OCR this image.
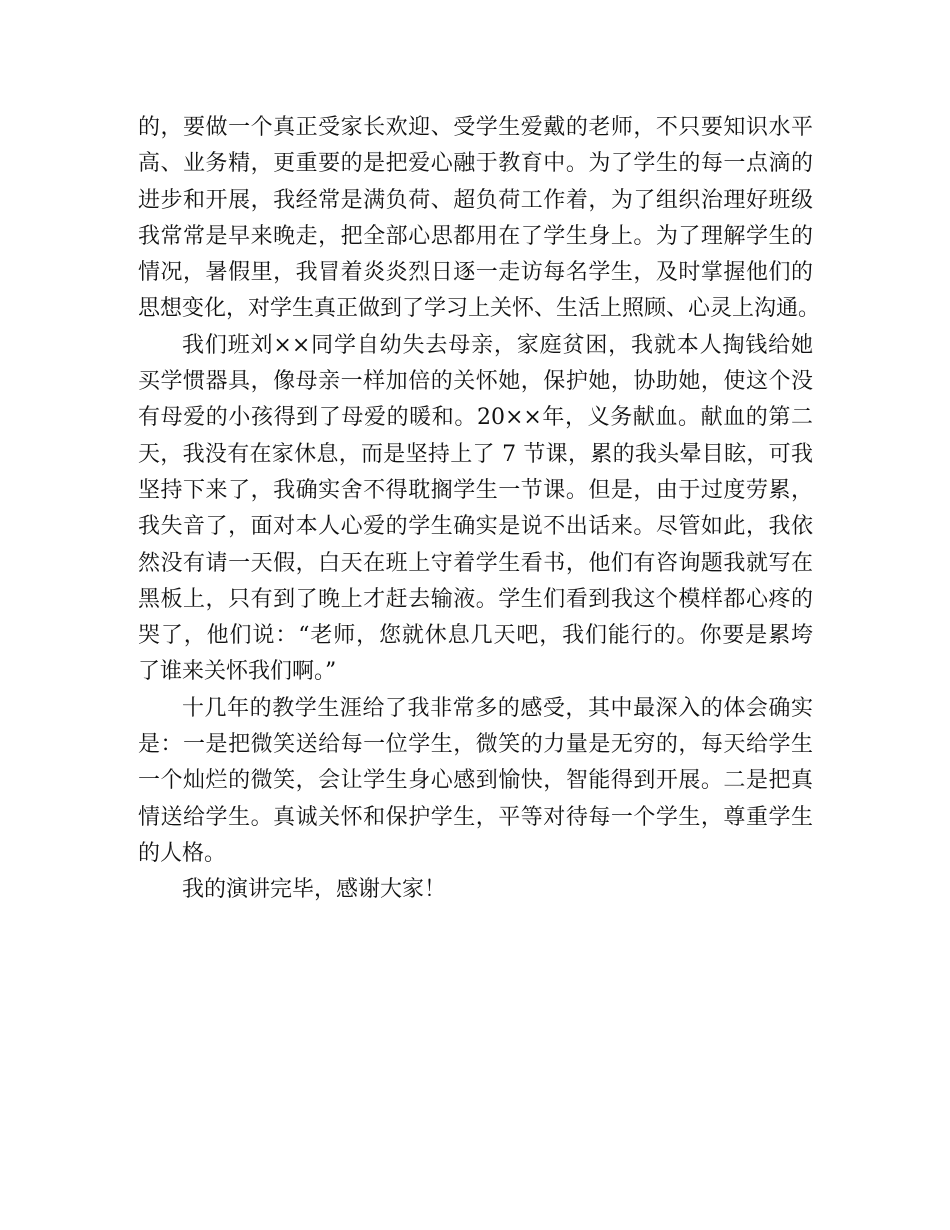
的，要做一个真正受家长欢迎、受学生爱戴的老师，不只要知识水平
高、业务精，更重要的是把爱心融于教育中。为了学生的每一点滴的
进步和开展，我经常是满负荷、超负荷工作着，为了组织治理好班级
我常常是早来晚走，把全部心思都用在了学生身上。为了理解学生的
情况，暑假里，我冒着炎炎烈日逐一走访每名学生，及时掌握他们的
思想变化，对学生真正做到了学习上关怀、生活上照顾、心灵上沟通。
我们班刘××同学自幼失去母亲，家庭贫困，我就本人掏钱给她
买学惯器具，像母亲一样加倍的关怀她，保护她，协助她，使这个没
有母爱的小孩得到了母爱的暖和。20××年，义务献血。献血的第二
天，我没有在家休息，而是坚持上了 7 节课，累的我头晕目眩，可我
坚持下来了，我确实舍不得耽搁学生一节课。但是，由于过度劳累，
我失音了，面对本人心爱的学生确实是说不出话来。尽管如此，我依
然没有请一天假，白天在班上守着学生看书，他们有咨询题我就写在
黑板上，只有到了晚上才赶去输液。学生们看到我这个模样都心疼的
哭了，他们说：“老师，您就休息几天吧，我们能行的。你要是累垮
了谁来关怀我们啊。”
十几年的教学生涯给了我非常多的感受，其中最深入的体会确实
是：一是把微笑送给每一位学生，微笑的力量是无穷的，每天给学生
一个灿烂的微笑，会让学生身心感到愉快，智能得到开展。二是把真
情送给学生。真诚关怀和保护学生，平等对待每一个学生，尊重学生
的人格。
我的演讲完毕，感谢大家！
